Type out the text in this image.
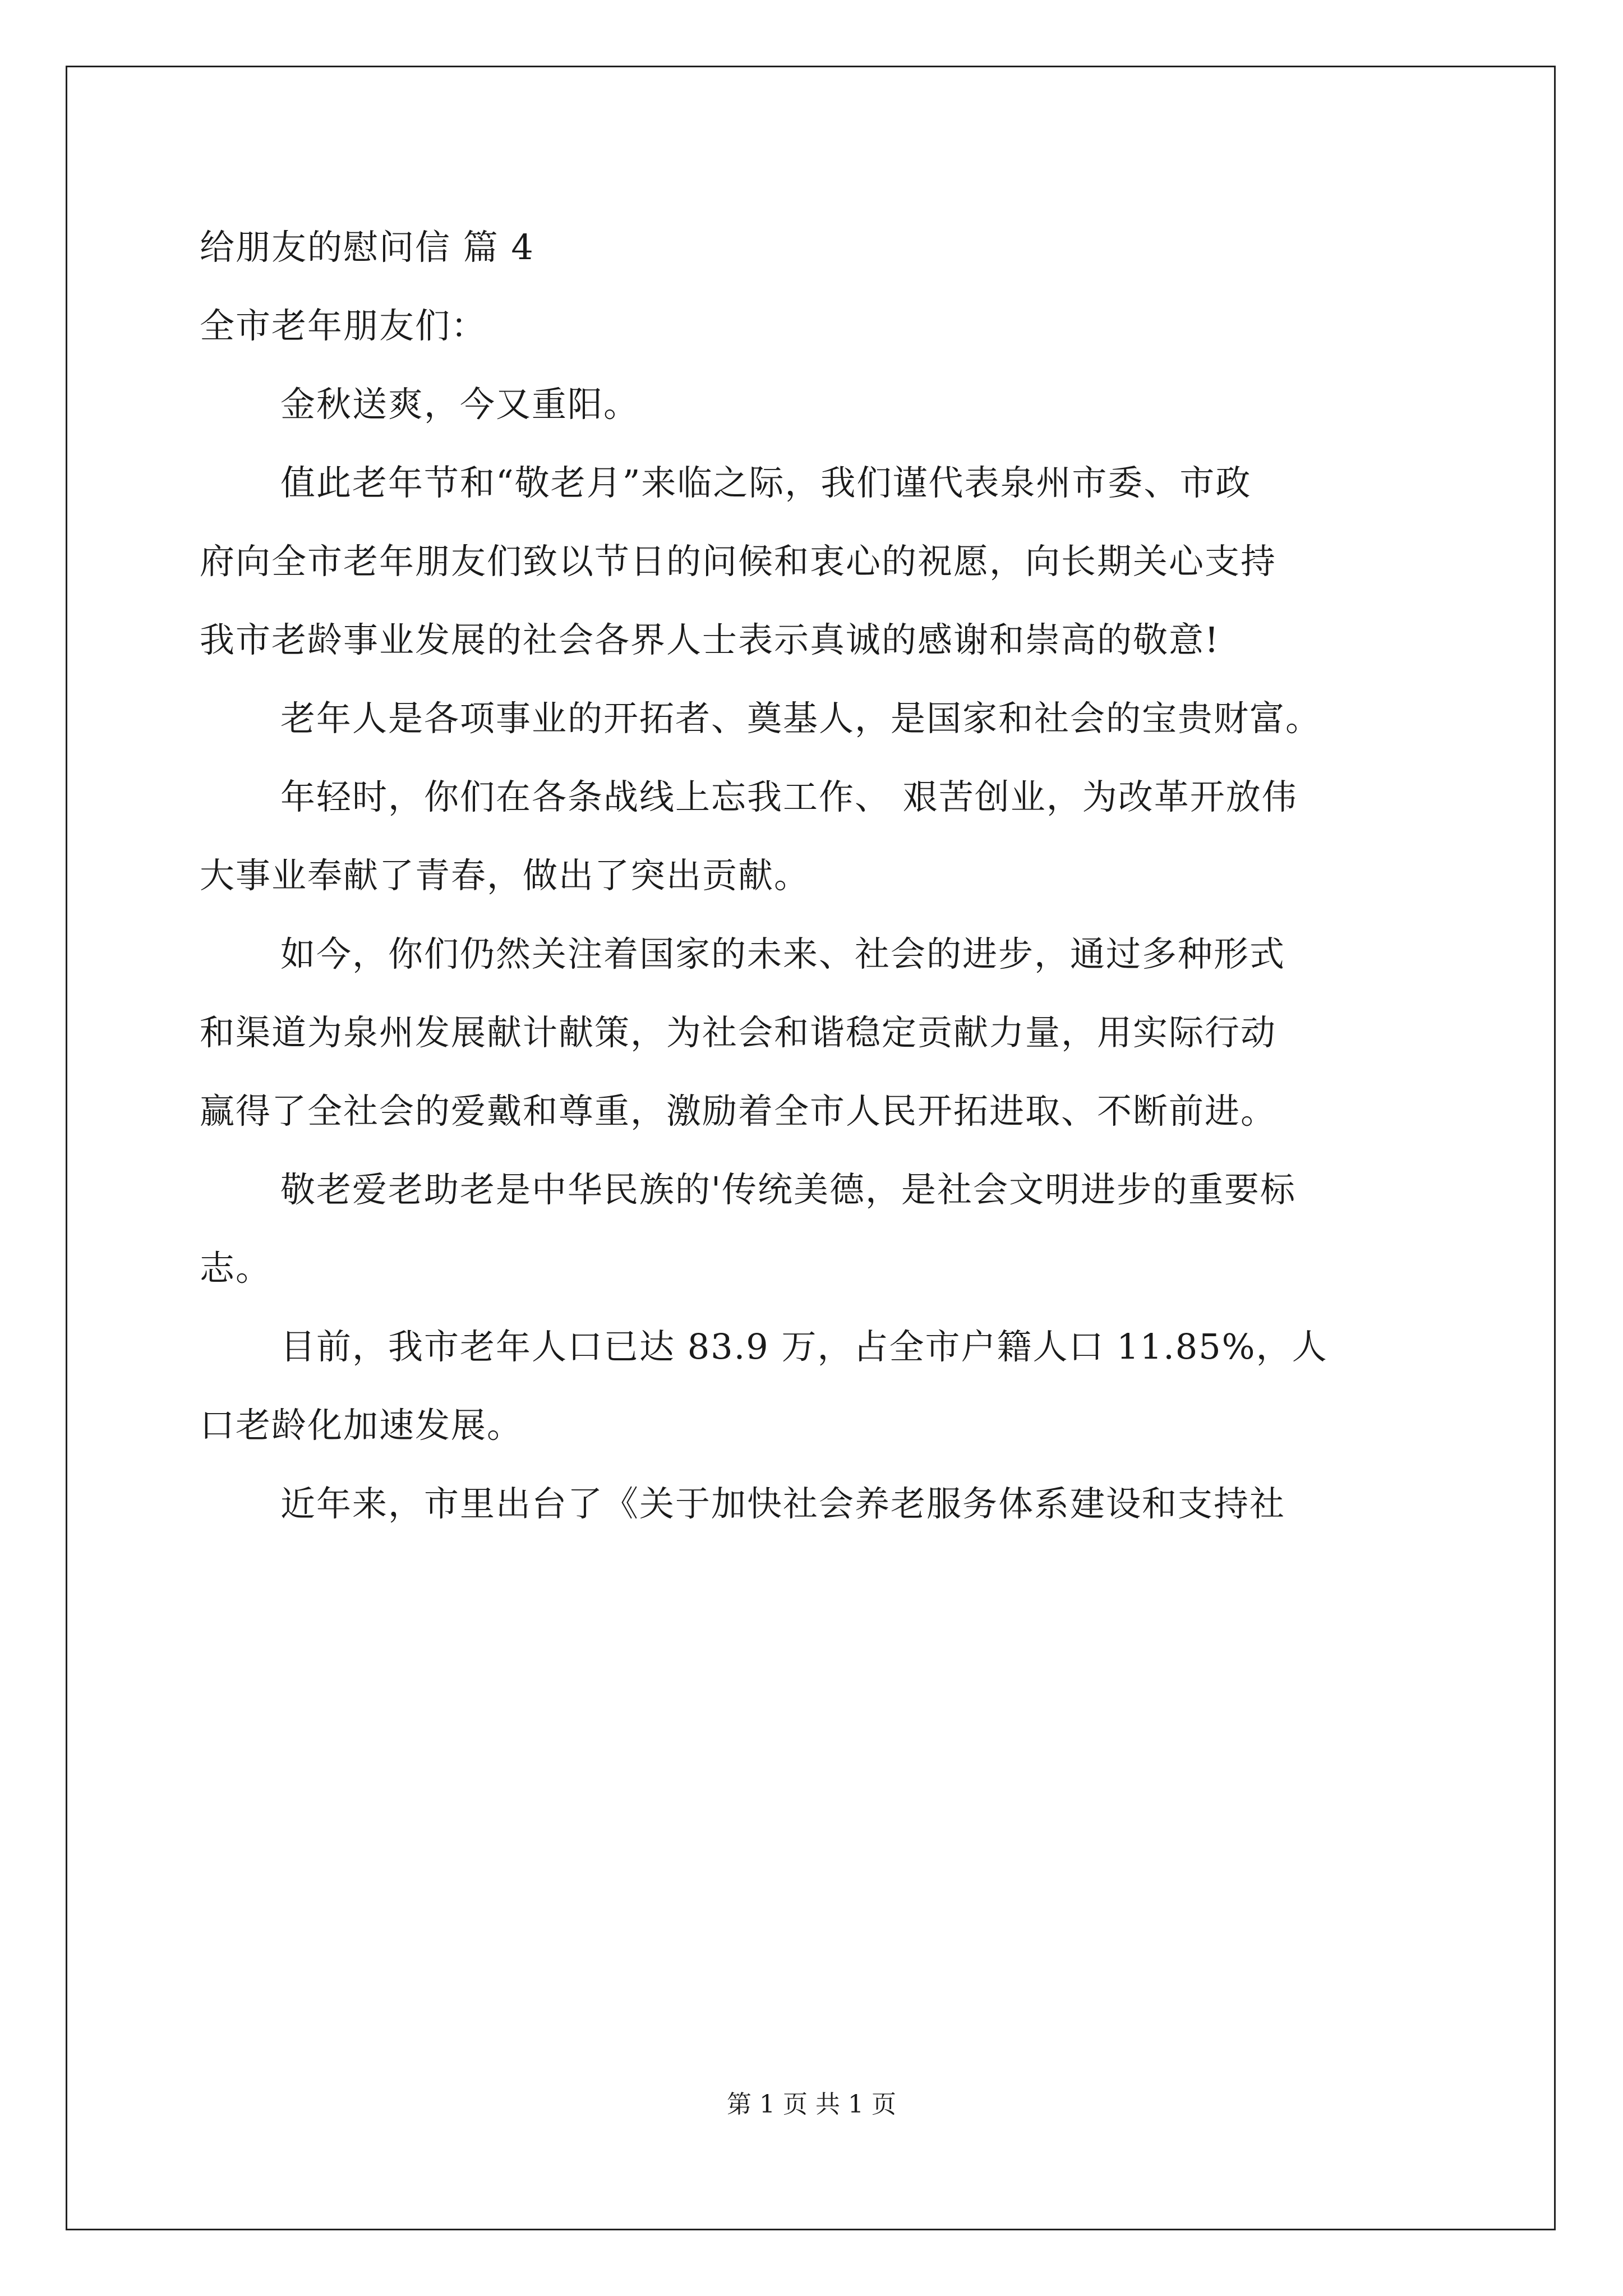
给朋友的慰问信 篇 4
全市老年朋友们：
金秋送爽，今又重阳。
值此老年节和“敬老月”来临之际，我们谨代表泉州市委、市政
府向全市老年朋友们致以节日的问候和衷心的祝愿，向长期关心支持
我市老龄事业发展的社会各界人士表示真诚的感谢和崇高的敬意!
老年人是各项事业的开拓者、奠基人，是国家和社会的宝贵财富。
年轻时，你们在各条战线上忘我工作、 艰苦创业，为改革开放伟
大事业奉献了青春，做出了突出贡献。
如今，你们仍然关注着国家的未来、社会的进步，通过多种形式
和渠道为泉州发展献计献策，为社会和谐稳定贡献力量，用实际行动
赢得了全社会的爱戴和尊重，激励着全市人民开拓进取、不断前进。
敬老爱老助老是中华民族的'传统美德，是社会文明进步的重要标
志。
目前，我市老年人口已达 83.9 万，占全市户籍人口 11.85%，人
口老龄化加速发展。
近年来，市里出台了《关于加快社会养老服务体系建设和支持社
第 1 页 共 1 页
